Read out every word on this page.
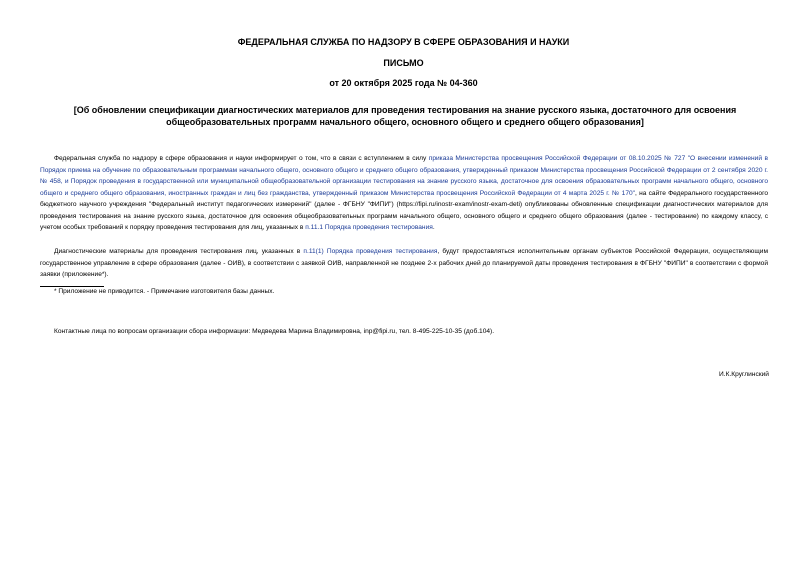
ФЕДЕРАЛЬНАЯ СЛУЖБА ПО НАДЗОРУ В СФЕРЕ ОБРАЗОВАНИЯ И НАУКИ
ПИСЬМО
от 20 октября 2025 года № 04-360
[Об обновлении спецификации диагностических материалов для проведения тестирования на знание русского языка, достаточного для освоения общеобразовательных программ начального общего, основного общего и среднего общего образования]
Федеральная служба по надзору в сфере образования и науки информирует о том, что в связи с вступлением в силу приказа Министерства просвещения Российской Федерации от 08.10.2025 № 727 "О внесении изменений в Порядок приема на обучение по образовательным программам начального общего, основного общего и среднего общего образования, утвержденный приказом Министерства просвещения Российской Федерации от 2 сентября 2020 г. № 458, и Порядок проведения в государственной или муниципальной общеобразовательной организации тестирования на знание русского языка, достаточное для освоения образовательных программ начального общего, основного общего и среднего общего образования, иностранных граждан и лиц без гражданства, утвержденный приказом Министерства просвещения Российской Федерации от 4 марта 2025 г. № 170", на сайте Федерального государственного бюджетного научного учреждения "Федеральный институт педагогических измерений" (далее - ФГБНУ "ФИПИ") (https://fipi.ru/inostr-exam/inostr-exam-deti) опубликованы обновленные спецификации диагностических материалов для проведения тестирования на знание русского языка, достаточное для освоения общеобразовательных программ начального общего, основного общего и среднего общего образования (далее - тестирование) по каждому классу, с учетом особых требований к порядку проведения тестирования для лиц, указанных в п.11.1 Порядка проведения тестирования.
Диагностические материалы для проведения тестирования лиц, указанных в п.11(1) Порядка проведения тестирования, будут предоставляться исполнительным органам субъектов Российской Федерации, осуществляющим государственное управление в сфере образования (далее - ОИВ), в соответствии с заявкой ОИВ, направленной не позднее 2-х рабочих дней до планируемой даты проведения тестирования в ФГБНУ "ФИПИ" в соответствии с формой заявки (приложение*).
* Приложение не приводится. - Примечание изготовителя базы данных.
Контактные лица по вопросам организации сбора информации: Медведева Марина Владимировна, inp@fipi.ru, тел. 8-495-225-10-35 (доб.104).
И.К.Круглинский
